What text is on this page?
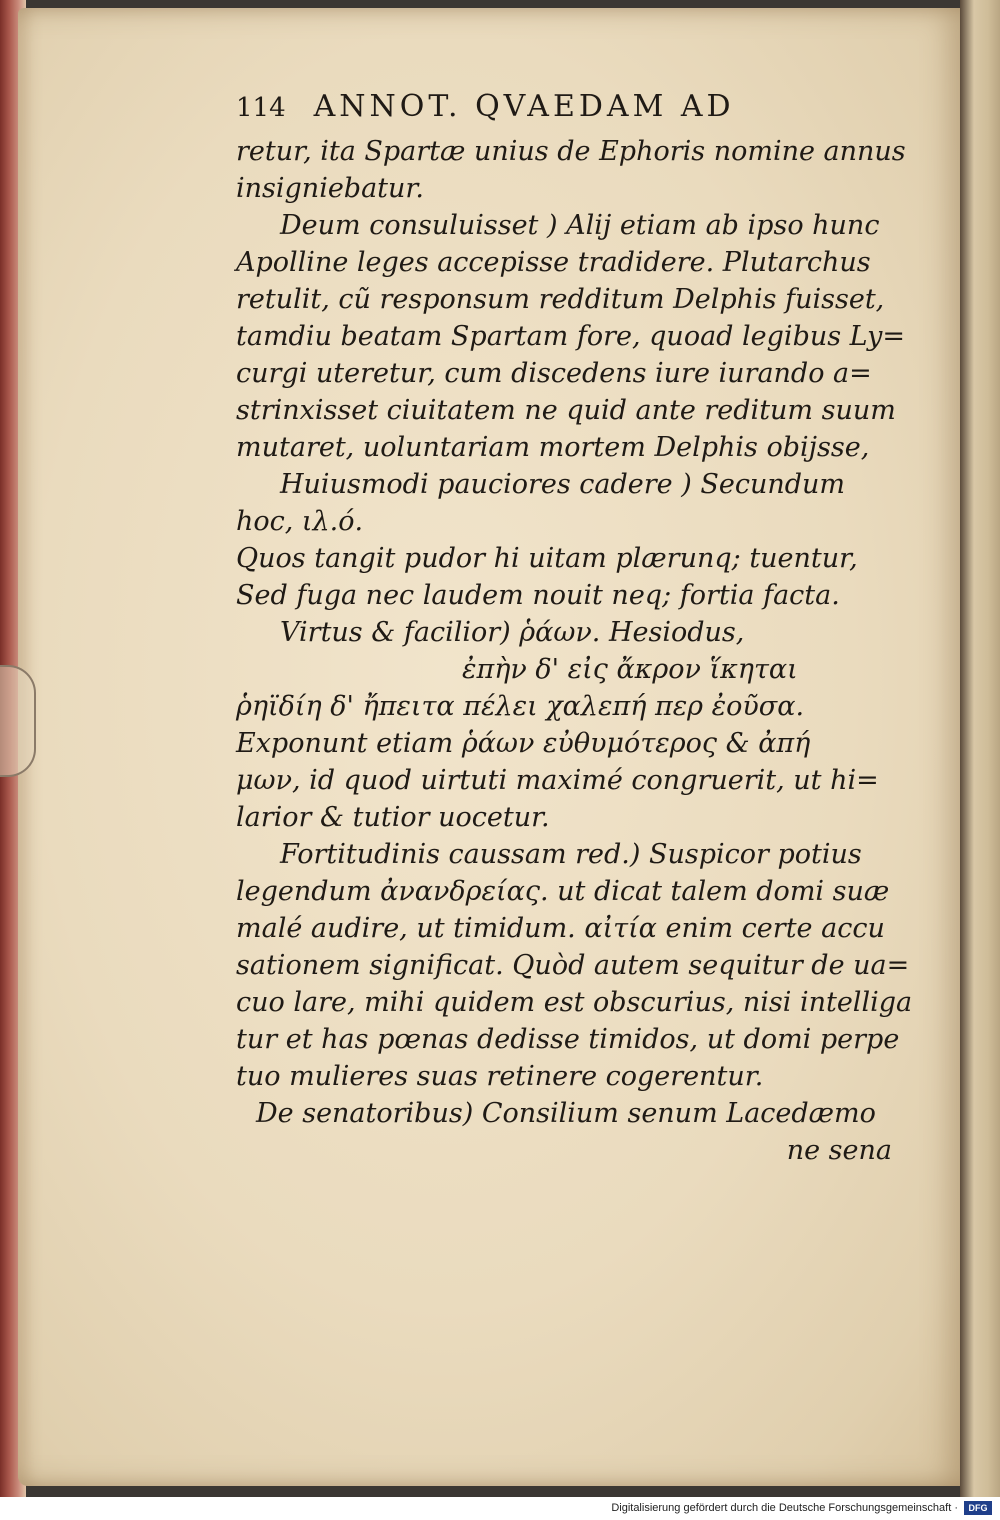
114 ANNOT. QVAEDAM AD
retur, ita Spartæ unius de Ephoris nomine annus
insigniebatur.
Deum consuluisset ) Alij etiam ab ipso hunc
Apolline leges accepisse tradidere. Plutarchus
retulit, cũ responsum redditum Delphis fuisset,
tamdiu beatam Spartam fore, quoad legibus Ly=
curgi uteretur, cum discedens iure iurando a=
strinxisset ciuitatem ne quid ante reditum suum
mutaret, uoluntariam mortem Delphis obijsse,
Huiusmodi pauciores cadere ) Secundum
hoc, ιλ.ό.
Quos tangit pudor hi uitam plærunq; tuentur,
Sed fuga nec laudem nouit neq; fortia facta.
Virtus & facilior) ῥάων. Hesiodus,
ἐπὴν δ' εἰς ἄκρον ἵκηται
ῥηϊδίη δ' ἤπειτα πέλει χαλεπή περ ἐοῦσα.
Exponunt etiam ῥάων εὐθυμότερος & ἀπή
μων, id quod uirtuti maximé congruerit, ut hi=
larior & tutior uocetur.
Fortitudinis caussam red.) Suspicor potius
legendum ἀνανδρείας. ut dicat talem domi suæ
malé audire, ut timidum. αἰτία enim certe accu
sationem significat. Quòd autem sequitur de ua=
cuo lare, mihi quidem est obscurius, nisi intelliga
tur et has pœnas dedisse timidos, ut domi perpe
tuo mulieres suas retinere cogerentur.
De senatoribus) Consilium senum Lacedæmo
ne sena
Digitalisierung gefördert durch die Deutsche Forschungsgemeinschaft ·	DFG
